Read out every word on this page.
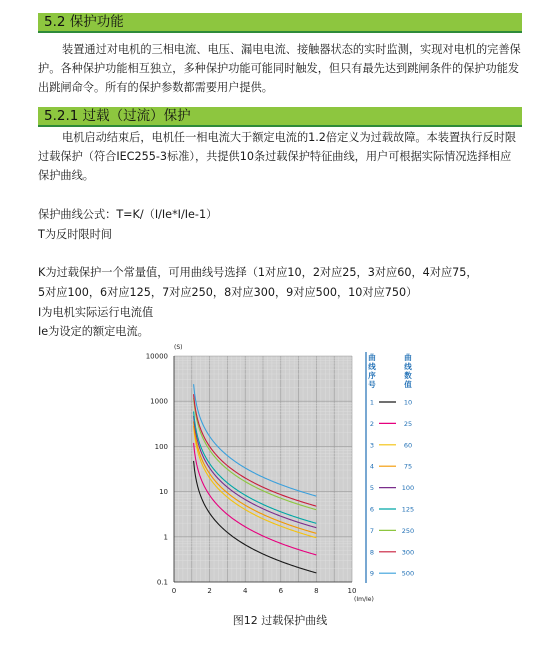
5.2 保护功能

装置通过对电机的三相电流、电压、漏电电流、接触器状态的实时监测，实现对电机的完善保护。各种保护功能相互独立，多种保护功能可能同时触发，但只有最先达到跳闸条件的保护功能发出跳闸命令。所有的保护参数都需要用户提供。

5.2.1 过载（过流）保护

电机启动结束后，电机任一相电流大于额定电流的1.2倍定义为过载故障。本装置执行反时限过载保护（符合IEC255-3标准），共提供10条过载保护特征曲线，用户可根据实际情况选择相应保护曲线。

保护曲线公式：T=K/（I/Ie*I/Ie-1）
T为反时限时间
K为过载保护一个常量值，可用曲线号选择（1对应10，2对应25，3对应60，4对应75，
5对应100，6对应125，7对应250，8对应300，9对应500，10对应750）
I为电机实际运行电流值
Ie为设定的额定电流。
10000
1000
100
10
1
0.1
0	2	4	6	8	10
(S)
(Im/Ie)
曲线序号
曲线数值
1	10
2	25
3	60
4	75
5	100
6	125
7	250
8	300
9	500
图12 过载保护曲线
